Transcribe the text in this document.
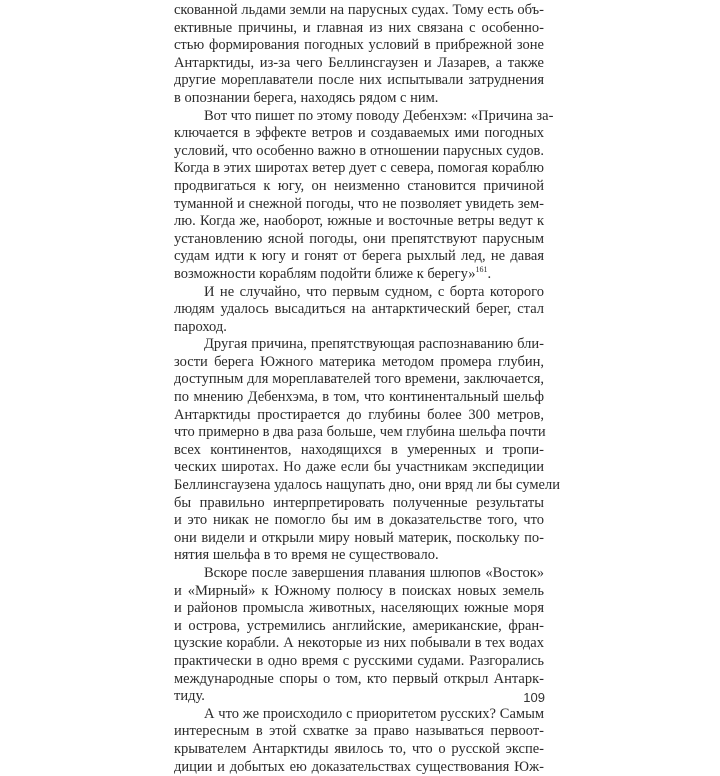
скованной льдами земли на парусных судах. Тому есть объ-
ективные причины, и главная из них связана с особенно-
стью формирования погодных условий в прибрежной зоне
Антарктиды, из-за чего Беллинсгаузен и Лазарев, а также
другие мореплаватели после них испытывали затруднения
в опознании берега, находясь рядом с ним.
Вот что пишет по этому поводу Дебенхэм: «Причина за-
ключается в эффекте ветров и создаваемых ими погодных
условий, что особенно важно в отношении парусных судов.
Когда в этих широтах ветер дует с севера, помогая кораблю
продвигаться к югу, он неизменно становится причиной
туманной и снежной погоды, что не позволяет увидеть зем-
лю. Когда же, наоборот, южные и восточные ветры ведут к
установлению ясной погоды, они препятствуют парусным
судам идти к югу и гонят от берега рыхлый лед, не давая
возможности кораблям подойти ближе к берегу»$^{161}$.
И не случайно, что первым судном, с борта которого
людям удалось высадиться на антарктический берег, стал
пароход.
Другая причина, препятствующая распознаванию бли-
зости берега Южного материка методом промера глубин,
доступным для мореплавателей того времени, заключается,
по мнению Дебенхэма, в том, что континентальный шельф
Антарктиды простирается до глубины более 300 метров,
что примерно в два раза больше, чем глубина шельфа почти
всех континентов, находящихся в умеренных и тропи-
ческих широтах. Но даже если бы участникам экспедиции
Беллинсгаузена удалось нащупать дно, они вряд ли бы сумели
бы правильно интерпретировать полученные результаты
и это никак не помогло бы им в доказательстве того, что
они видели и открыли миру новый материк, поскольку по-
нятия шельфа в то время не существовало.
Вскоре после завершения плавания шлюпов «Восток»
и «Мирный» к Южному полюсу в поисках новых земель
и районов промысла животных, населяющих южные моря
и острова, устремились английские, американские, фран-
цузские корабли. А некоторые из них побывали в тех водах
практически в одно время с русскими судами. Разгорались
международные споры о том, кто первый открыл Антарк-
тиду.
А что же происходило с приоритетом русских? Самым
интересным в этой схватке за право называться первоот-
крывателем Антарктиды явилось то, что о русской экспе-
диции и добытых ею доказательствах существования Юж-
109
